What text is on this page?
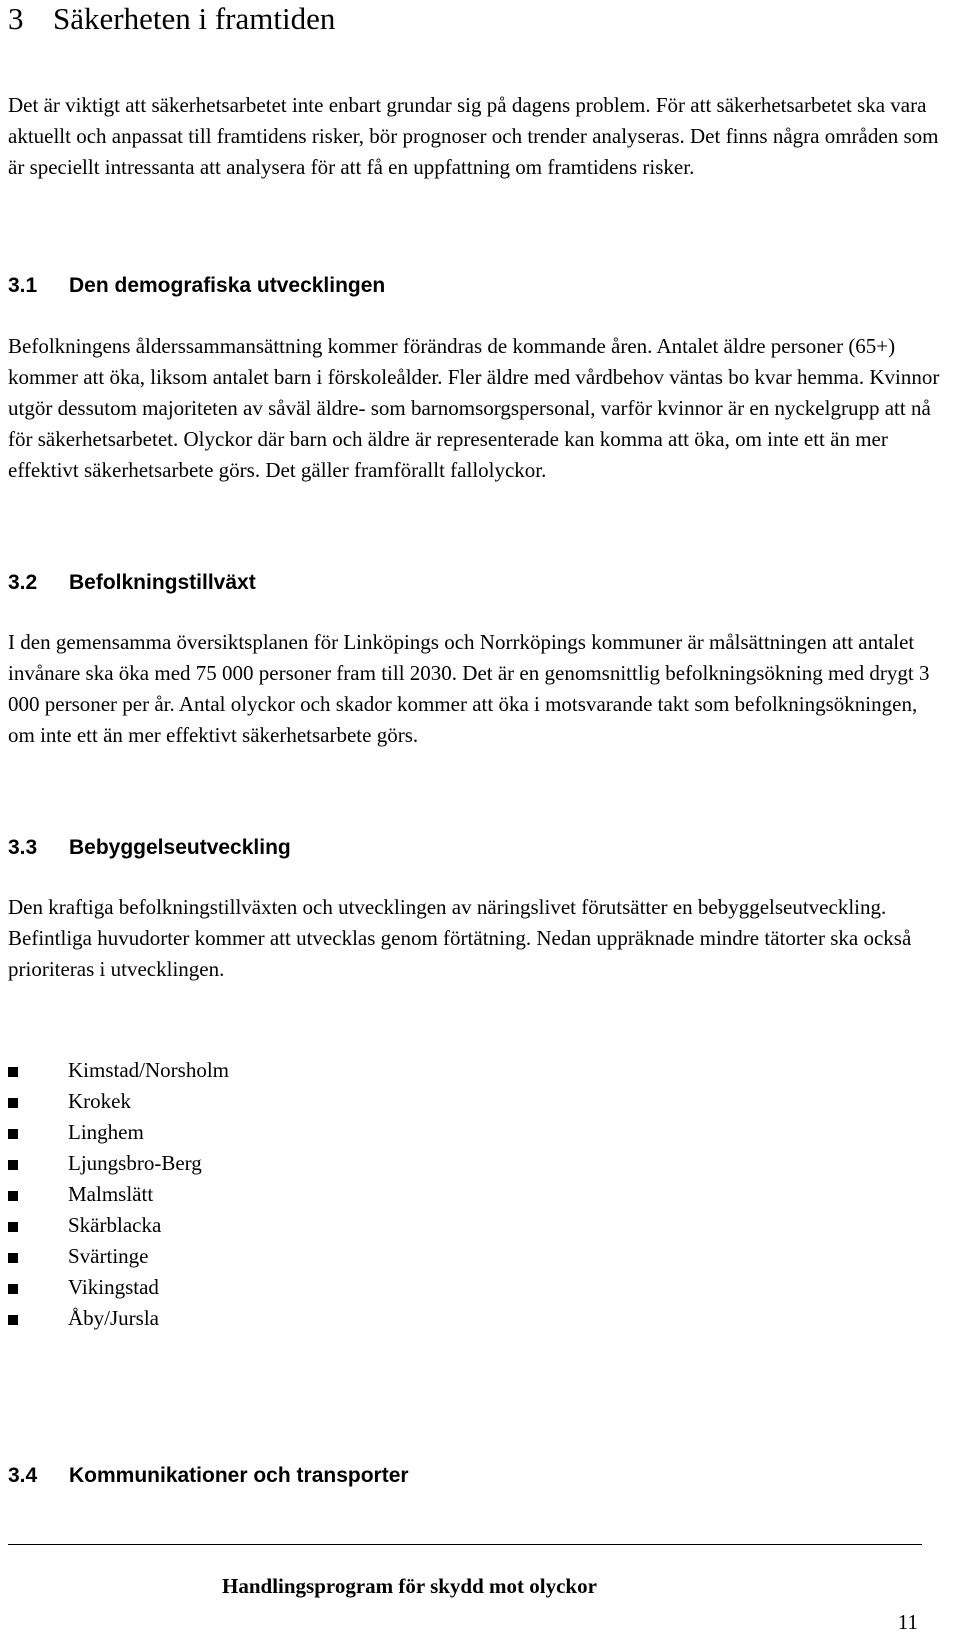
3 Säkerheten i framtiden

Det är viktigt att säkerhetsarbetet inte enbart grundar sig på dagens problem. För att säkerhetsarbetet ska vara aktuellt och anpassat till framtidens risker, bör prognoser och trender analyseras. Det finns några områden som är speciellt intressanta att analysera för att få en uppfattning om framtidens risker.

3.1 Den demografiska utvecklingen

Befolkningens ålderssammansättning kommer förändras de kommande åren. Antalet äldre personer (65+) kommer att öka, liksom antalet barn i förskoleålder. Fler äldre med vårdbehov väntas bo kvar hemma. Kvinnor utgör dessutom majoriteten av såväl äldre- som barnomsorgspersonal, varför kvinnor är en nyckelgrupp att nå för säkerhetsarbetet. Olyckor där barn och äldre är representerade kan komma att öka, om inte ett än mer effektivt säkerhetsarbete görs. Det gäller framförallt fallolyckor.

3.2 Befolkningstillväxt

I den gemensamma översiktsplanen för Linköpings och Norrköpings kommuner är målsättningen att antalet invånare ska öka med 75 000 personer fram till 2030. Det är en genomsnittlig befolkningsökning med drygt 3 000 personer per år. Antal olyckor och skador kommer att öka i motsvarande takt som befolkningsökningen, om inte ett än mer effektivt säkerhetsarbete görs.

3.3 Bebyggelseutveckling

Den kraftiga befolkningstillväxten och utvecklingen av näringslivet förutsätter en bebyggelseutveckling. Befintliga huvudorter kommer att utvecklas genom förtätning. Nedan uppräknade mindre tätorter ska också prioriteras i utvecklingen.

Kimstad/Norsholm
Krokek
Linghem
Ljungsbro-Berg
Malmslätt
Skärblacka
Svärtinge
Vikingstad
Åby/Jursla
3.4 Kommunikationer och transporter

Handlingsprogram för skydd mot olyckor

11
